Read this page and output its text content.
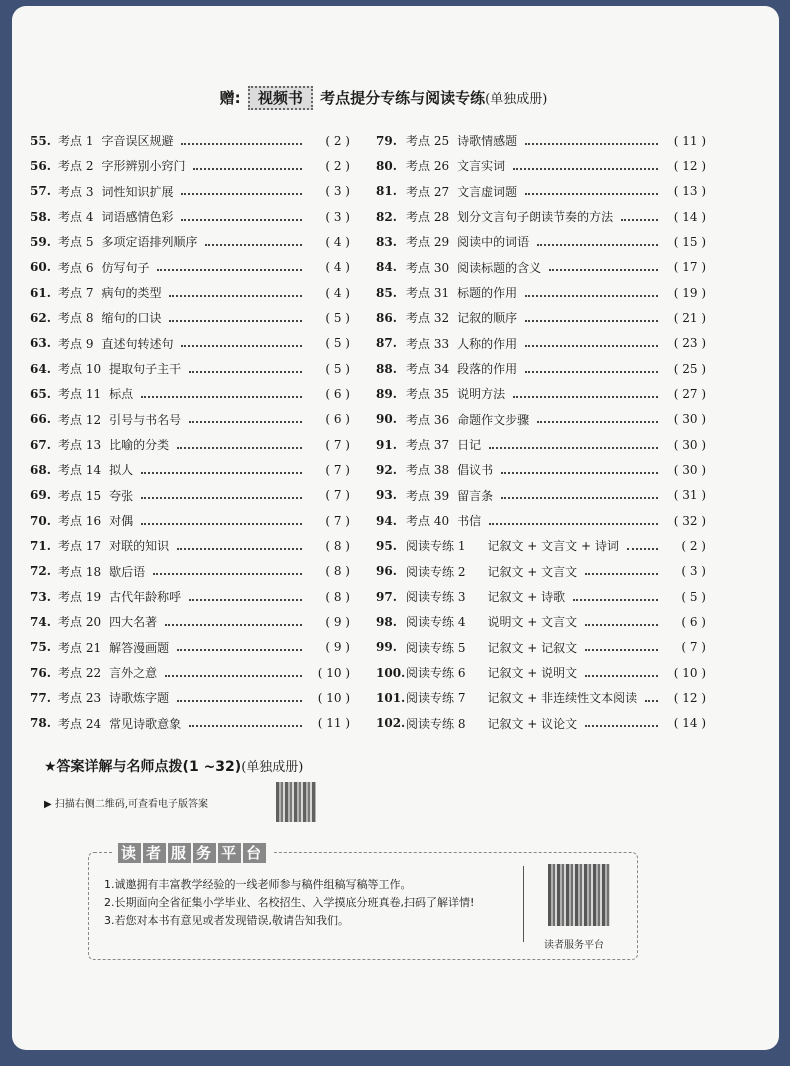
赠: 视频书 考点提分专练与阅读专练(单独成册)
55. 考点 1 字音误区规避	( 2 )
56. 考点 2 字形辨别小窍门	( 2 )
57. 考点 3 词性知识扩展	( 3 )
58. 考点 4 词语感情色彩	( 3 )
59. 考点 5 多项定语排列顺序	( 4 )
60. 考点 6 仿写句子	( 4 )
61. 考点 7 病句的类型	( 4 )
62. 考点 8 缩句的口诀	( 5 )
63. 考点 9 直述句转述句	( 5 )
64. 考点 10 提取句子主干	( 5 )
65. 考点 11 标点	( 6 )
66. 考点 12 引号与书名号	( 6 )
67. 考点 13 比喻的分类	( 7 )
68. 考点 14 拟人	( 7 )
69. 考点 15 夸张	( 7 )
70. 考点 16 对偶	( 7 )
71. 考点 17 对联的知识	( 8 )
72. 考点 18 歇后语	( 8 )
73. 考点 19 古代年龄称呼	( 8 )
74. 考点 20 四大名著	( 9 )
75. 考点 21 解答漫画题	( 9 )
76. 考点 22 言外之意	( 10 )
77. 考点 23 诗歌炼字题	( 10 )
78. 考点 24 常见诗歌意象	( 11 )
79. 考点 25 诗歌情感题	( 11 )
80. 考点 26 文言实词	( 12 )
81. 考点 27 文言虚词题	( 13 )
82. 考点 28 划分文言句子朗读节奏的方法	( 14 )
83. 考点 29 阅读中的词语	( 15 )
84. 考点 30 阅读标题的含义	( 17 )
85. 考点 31 标题的作用	( 19 )
86. 考点 32 记叙的顺序	( 21 )
87. 考点 33 人称的作用	( 23 )
88. 考点 34 段落的作用	( 25 )
89. 考点 35 说明方法	( 27 )
90. 考点 36 命题作文步骤	( 30 )
91. 考点 37 日记	( 30 )
92. 考点 38 倡议书	( 30 )
93. 考点 39 留言条	( 31 )
94. 考点 40 书信	( 32 )
95. 阅读专练 1 记叙文 + 文言文 + 诗词	( 2 )
96. 阅读专练 2 记叙文 + 文言文	( 3 )
97. 阅读专练 3 记叙文 + 诗歌	( 5 )
98. 阅读专练 4 说明文 + 文言文	( 6 )
99. 阅读专练 5 记叙文 + 记叙文	( 7 )
100. 阅读专练 6 记叙文 + 说明文	( 10 )
101. 阅读专练 7 记叙文 + 非连续性文本阅读	( 12 )
102. 阅读专练 8 记叙文 + 议论文	( 14 )
★答案详解与名师点拨(1 ~32)(单独成册)
▶ 扫描右侧二维码,可查看电子版答案
读 者 服 务 平 台
1.诚邀拥有丰富教学经验的一线老师参与稿件组稿写稿等工作。
2.长期面向全省征集小学毕业、名校招生、入学摸底分班真卷,扫码了解详情!
3.若您对本书有意见或者发现错误,敬请告知我们。
读者服务平台
